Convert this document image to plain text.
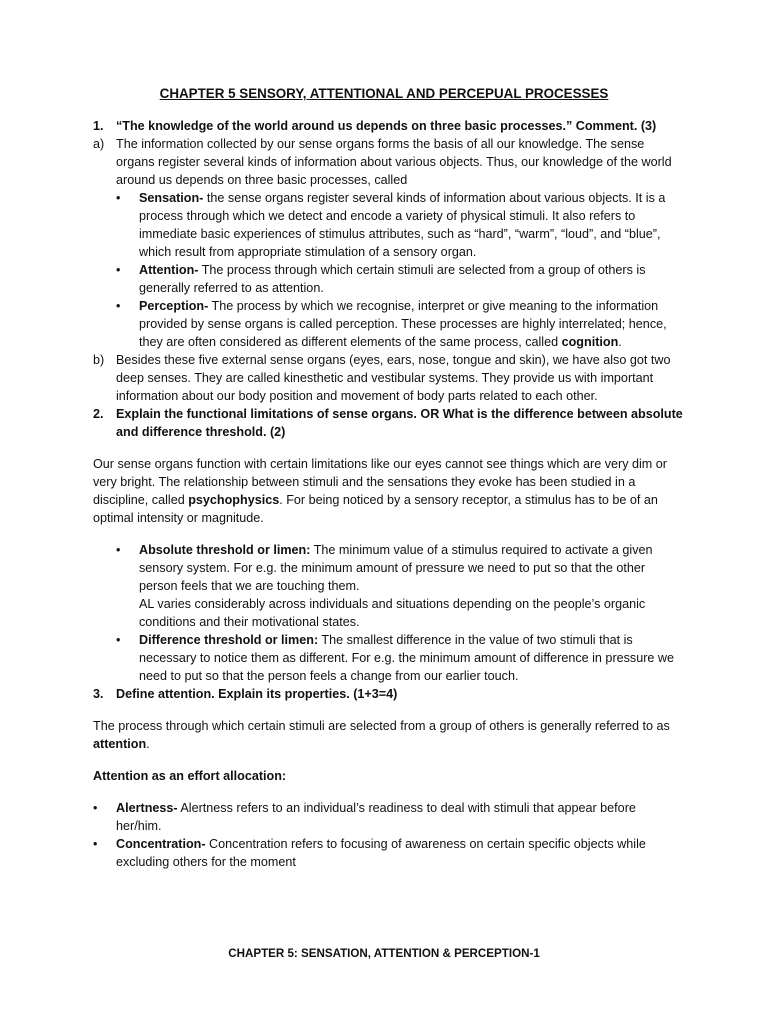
CHAPTER 5 SENSORY, ATTENTIONAL AND PERCEPUAL PROCESSES
1. “The knowledge of the world around us depends on three basic processes.” Comment. (3)
a) The information collected by our sense organs forms the basis of all our knowledge. The sense organs register several kinds of information about various objects. Thus, our knowledge of the world around us depends on three basic processes, called
• Sensation- the sense organs register several kinds of information about various objects. It is a process through which we detect and encode a variety of physical stimuli. It also refers to immediate basic experiences of stimulus attributes, such as “hard”, “warm”, “loud”, and “blue”, which result from appropriate stimulation of a sensory organ.
• Attention- The process through which certain stimuli are selected from a group of others is generally referred to as attention.
• Perception- The process by which we recognise, interpret or give meaning to the information provided by sense organs is called perception. These processes are highly interrelated; hence, they are often considered as different elements of the same process, called cognition.
b) Besides these five external sense organs (eyes, ears, nose, tongue and skin), we have also got two deep senses. They are called kinesthetic and vestibular systems. They provide us with important information about our body position and movement of body parts related to each other.
2. Explain the functional limitations of sense organs. OR What is the difference between absolute and difference threshold. (2)

Our sense organs function with certain limitations like our eyes cannot see things which are very dim or very bright. The relationship between stimuli and the sensations they evoke has been studied in a discipline, called psychophysics. For being noticed by a sensory receptor, a stimulus has to be of an optimal intensity or magnitude.

• Absolute threshold or limen: The minimum value of a stimulus required to activate a given sensory system. For e.g. the minimum amount of pressure we need to put so that the other person feels that we are touching them.
AL varies considerably across individuals and situations depending on the people’s organic conditions and their motivational states.
• Difference threshold or limen: The smallest difference in the value of two stimuli that is necessary to notice them as different. For e.g. the minimum amount of difference in pressure we need to put so that the person feels a change from our earlier touch.
3. Define attention. Explain its properties. (1+3=4)

The process through which certain stimuli are selected from a group of others is generally referred to as attention.

Attention as an effort allocation:

• Alertness- Alertness refers to an individual’s readiness to deal with stimuli that appear before her/him.
• Concentration- Concentration refers to focusing of awareness on certain specific objects while excluding others for the moment
CHAPTER 5: SENSATION, ATTENTION & PERCEPTION-1
